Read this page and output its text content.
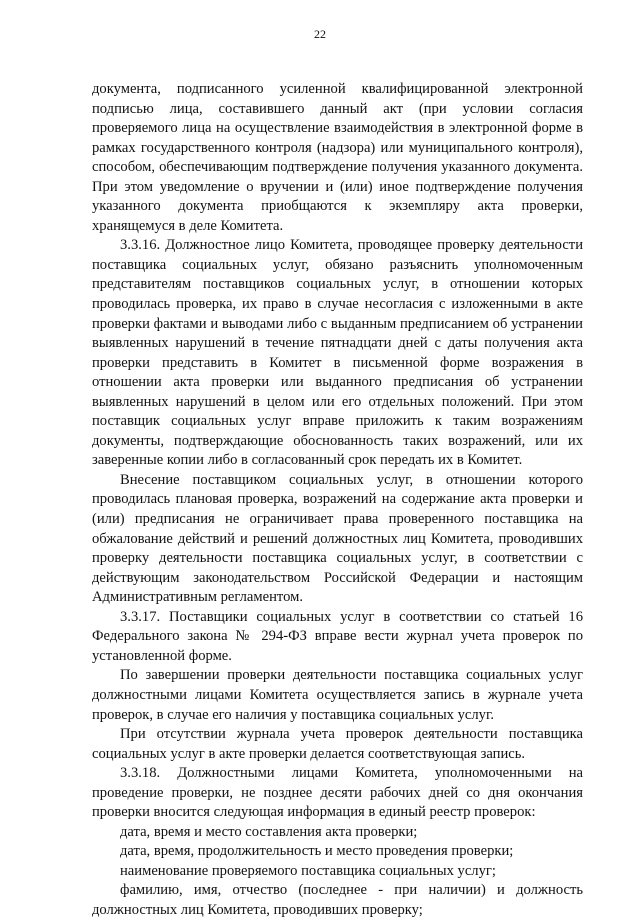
22

документа, подписанного усиленной квалифицированной электронной подписью лица, составившего данный акт (при условии согласия проверяемого лица на осуществление взаимодействия в электронной форме в рамках государственного контроля (надзора) или муниципального контроля), способом, обеспечивающим подтверждение получения указанного документа. При этом уведомление о вручении и (или) иное подтверждение получения указанного документа приобщаются к экземпляру акта проверки, хранящемуся в деле Комитета.

3.3.16. Должностное лицо Комитета, проводящее проверку деятельности поставщика социальных услуг, обязано разъяснить уполномоченным представителям поставщиков социальных услуг, в отношении которых проводилась проверка, их право в случае несогласия с изложенными в акте проверки фактами и выводами либо с выданным предписанием об устранении выявленных нарушений в течение пятнадцати дней с даты получения акта проверки представить в Комитет в письменной форме возражения в отношении акта проверки или выданного предписания об устранении выявленных нарушений в целом или его отдельных положений. При этом поставщик социальных услуг вправе приложить к таким возражениям документы, подтверждающие обоснованность таких возражений, или их заверенные копии либо в согласованный срок передать их в Комитет.

Внесение поставщиком социальных услуг, в отношении которого проводилась плановая проверка, возражений на содержание акта проверки и (или) предписания не ограничивает права проверенного поставщика на обжалование действий и решений должностных лиц Комитета, проводивших проверку деятельности поставщика социальных услуг, в соответствии с действующим законодательством Российской Федерации и настоящим Административным регламентом.

3.3.17. Поставщики социальных услуг в соответствии со статьей 16 Федерального закона № 294-ФЗ вправе вести журнал учета проверок по установленной форме.

По завершении проверки деятельности поставщика социальных услуг должностными лицами Комитета осуществляется запись в журнале учета проверок, в случае его наличия у поставщика социальных услуг.

При отсутствии журнала учета проверок деятельности поставщика социальных услуг в акте проверки делается соответствующая запись.

3.3.18. Должностными лицами Комитета, уполномоченными на проведение проверки, не позднее десяти рабочих дней со дня окончания проверки вносится следующая информация в единый реестр проверок:

дата, время и место составления акта проверки;

дата, время, продолжительность и место проведения проверки;

наименование проверяемого поставщика социальных услуг;

фамилию, имя, отчество (последнее - при наличии) и должность должностных лиц Комитета, проводивших проверку;
